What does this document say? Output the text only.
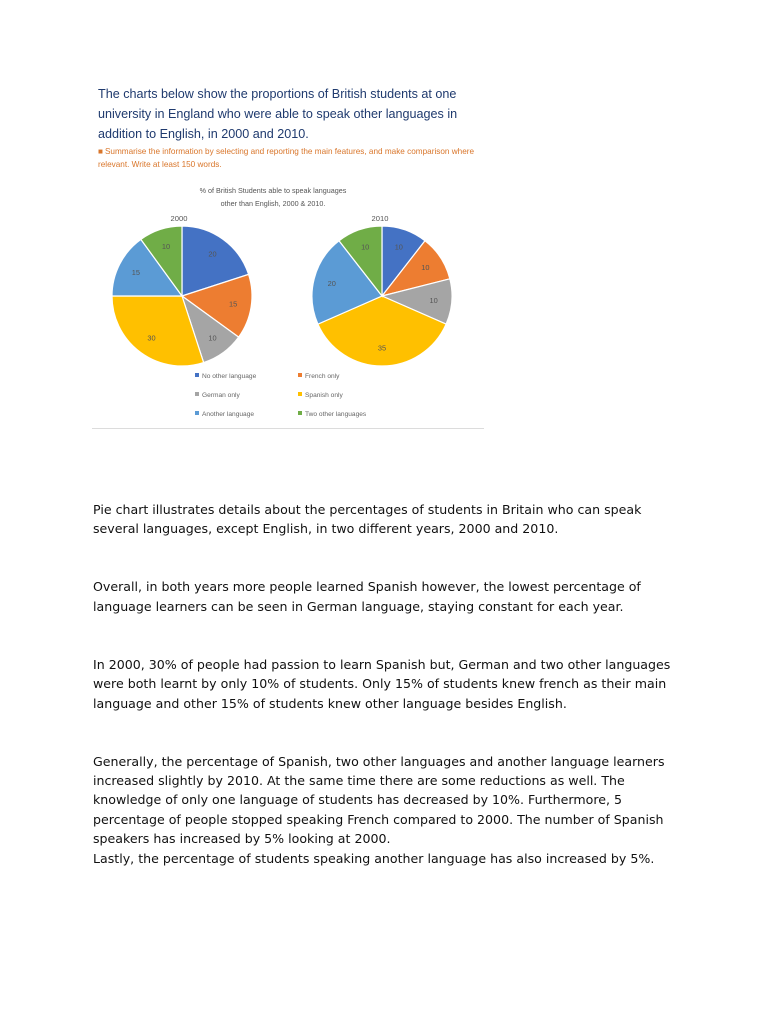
The charts below show the proportions of British students at one university in England who were able to speak other languages in addition to English, in 2000 and 2010.
■ Summarise the information by selecting and reporting the main features, and make comparison where relevant. Write at least 150 words.
% of British Students able to speak languages
other than English, 2000 & 2010.
2000	2010
20
15
10
30
15
10	10
10
10
35
20
10
No other language	French only
German only	Spanish only
Another language	Two other languages

Pie chart illustrates details about the percentages of students in Britain who can speak several languages, except English, in two different years, 2000 and 2010.

Overall, in both years more people learned Spanish however, the lowest percentage of language learners can be seen in German language, staying constant for each year.

In 2000, 30% of people had passion to learn Spanish but, German and two other languages were both learnt by only 10% of students. Only 15% of students knew french as their main language and other 15% of students knew other language besides English.

Generally, the percentage of Spanish, two other languages and another language learners increased slightly by 2010. At the same time there are some reductions as well. The knowledge of only one language of students has decreased by 10%. Furthermore, 5 percentage of people stopped speaking French compared to 2000. The number of Spanish speakers has increased by 5% looking at 2000.

Lastly, the percentage of students speaking another language has also increased by 5%.
